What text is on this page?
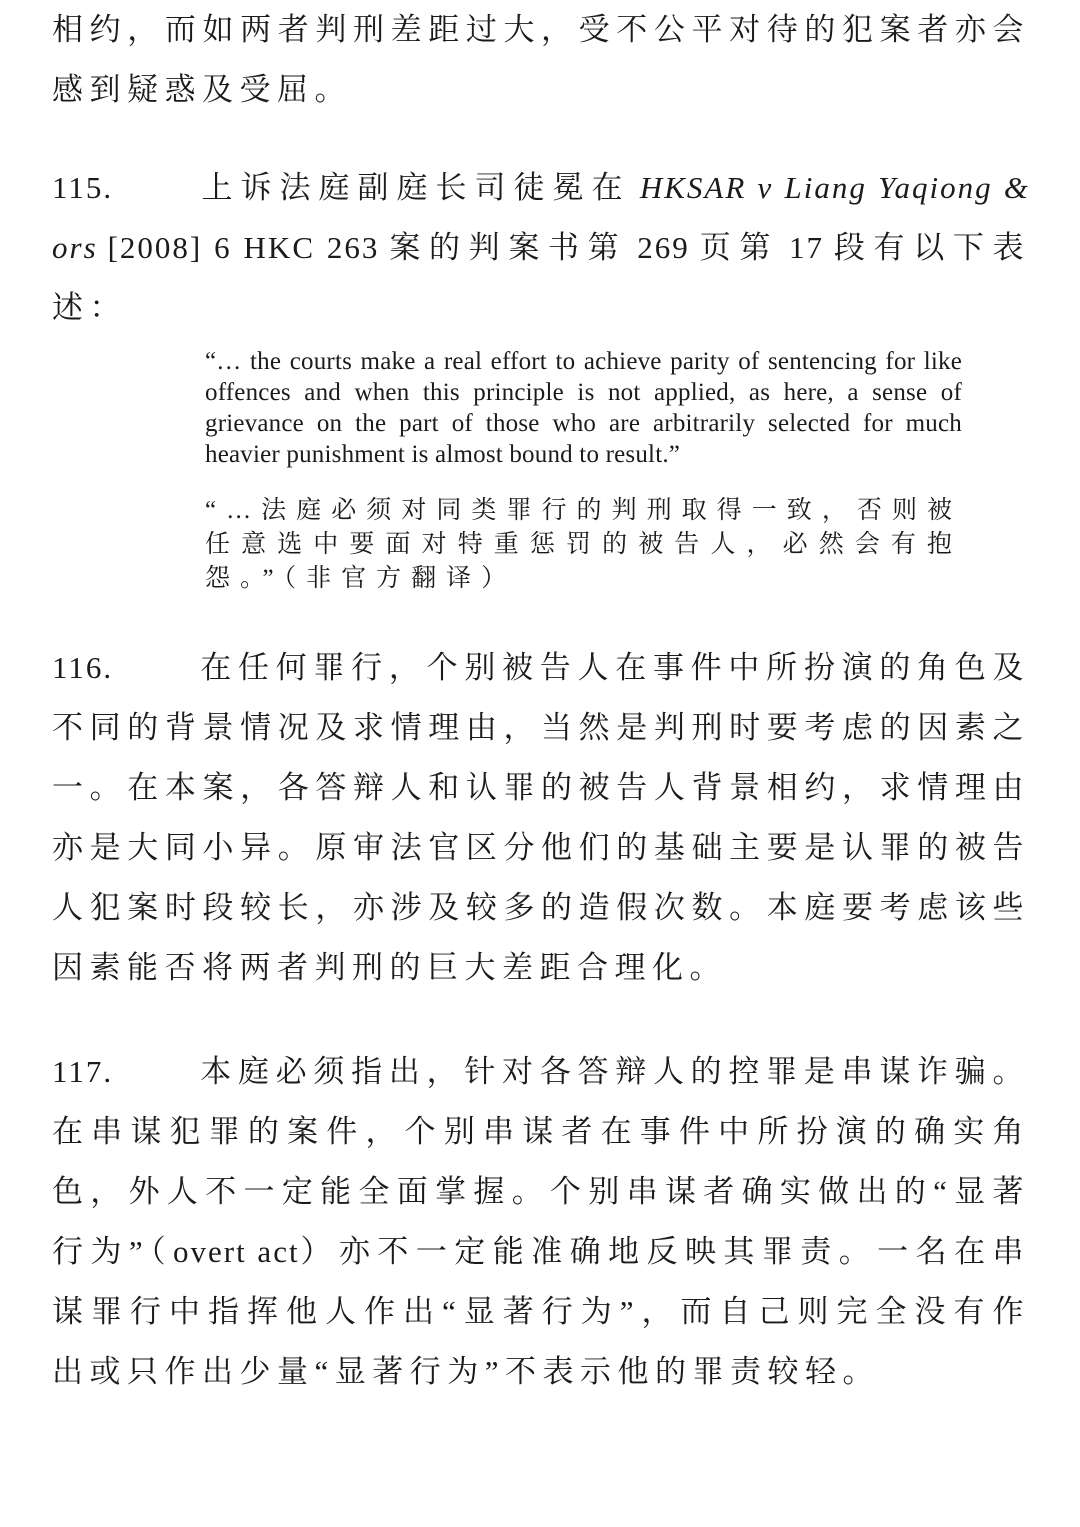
相约，而如两者判刑差距过大，受不公平对待的犯案者亦会感到疑惑及受屈。

115.	上诉法庭副庭长司徒冕在 HKSAR v Liang Yaqiong & ors [2008] 6 HKC 263 案的判案书第 269 页第 17 段有以下表述：

“… the courts make a real effort to achieve parity of sentencing for like offences and when this principle is not applied, as here, a sense of grievance on the part of those who are arbitrarily selected for much heavier punishment is almost bound to result.”

“…法庭必须对同类罪行的判刑取得一致，否则被任意选中要面对特重惩罚的被告人，必然会有抱怨。”（非官方翻译）

116.	在任何罪行，个别被告人在事件中所扮演的角色及不同的背景情况及求情理由，当然是判刑时要考虑的因素之一。在本案，各答辩人和认罪的被告人背景相约，求情理由亦是大同小异。原审法官区分他们的基础主要是认罪的被告人犯案时段较长，亦涉及较多的造假次数。本庭要考虑该些因素能否将两者判刑的巨大差距合理化。

117.	本庭必须指出，针对各答辩人的控罪是串谋诈骗。在串谋犯罪的案件，个别串谋者在事件中所扮演的确实角色，外人不一定能全面掌握。个别串谋者确实做出的“显著行为”（overt act）亦不一定能准确地反映其罪责。一名在串谋罪行中指挥他人作出“显著行为”，而自己则完全没有作出或只作出少量“显著行为”不表示他的罪责较轻。
